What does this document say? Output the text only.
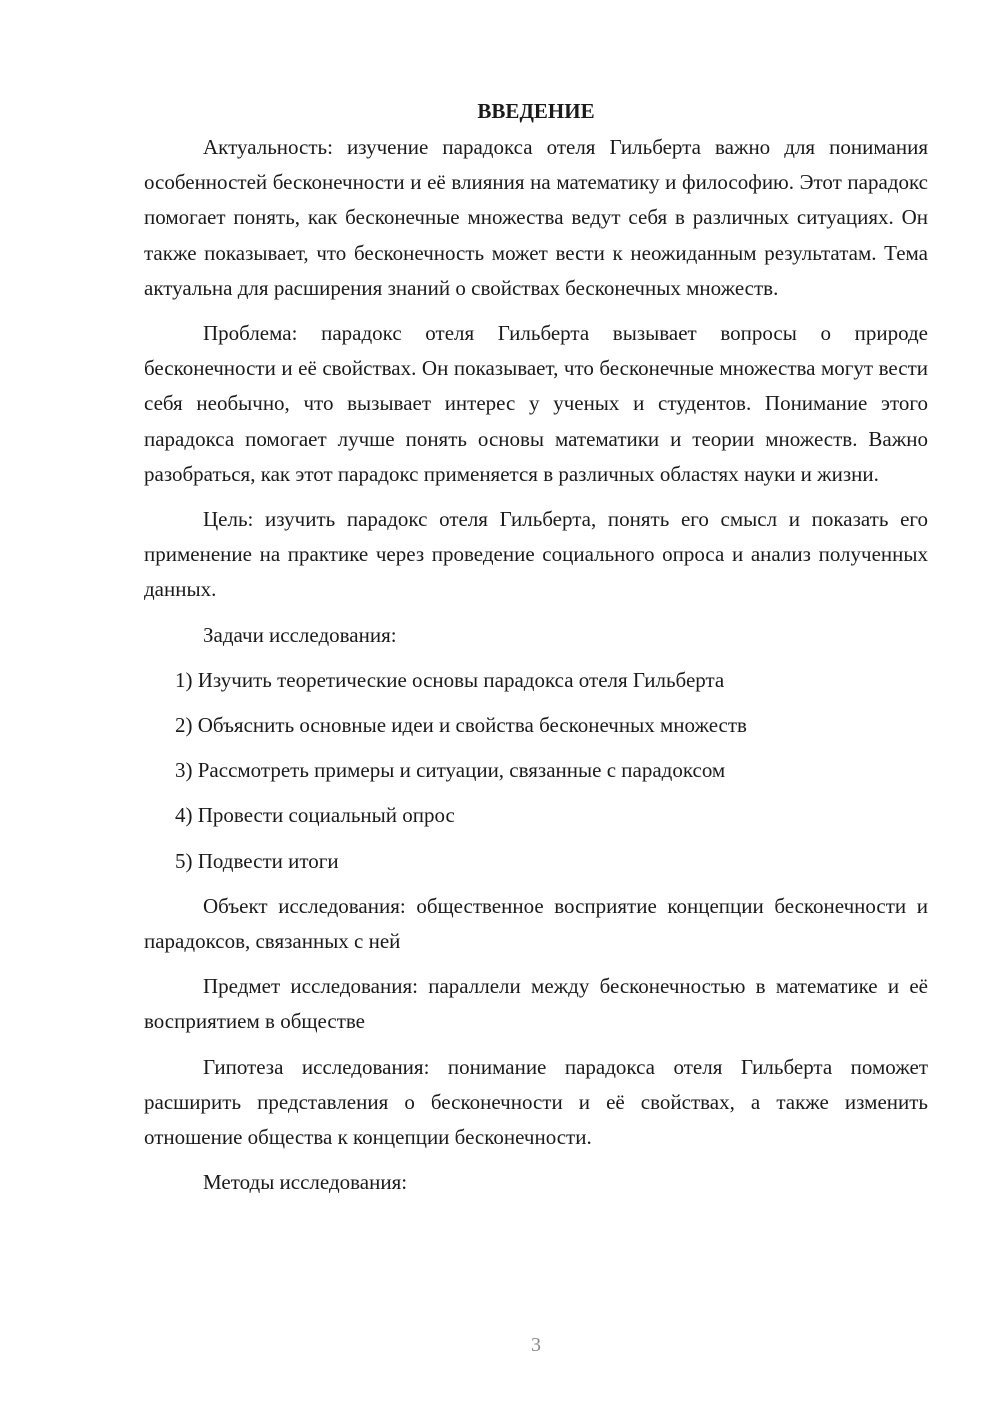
ВВЕДЕНИЕ

Актуальность: изучение парадокса отеля Гильберта важно для понимания особенностей бесконечности и её влияния на математику и философию. Этот парадокс помогает понять, как бесконечные множества ведут себя в различных ситуациях. Он также показывает, что бесконечность может вести к неожиданным результатам. Тема актуальна для расширения знаний о свойствах бесконечных множеств.

Проблема: парадокс отеля Гильберта вызывает вопросы о природе бесконечности и её свойствах. Он показывает, что бесконечные множества могут вести себя необычно, что вызывает интерес у ученых и студентов. Понимание этого парадокса помогает лучше понять основы математики и теории множеств. Важно разобраться, как этот парадокс применяется в различных областях науки и жизни.

Цель: изучить парадокс отеля Гильберта, понять его смысл и показать его применение на практике через проведение социального опроса и анализ полученных данных.

Задачи исследования:

1) Изучить теоретические основы парадокса отеля Гильберта

2) Объяснить основные идеи и свойства бесконечных множеств

3) Рассмотреть примеры и ситуации, связанные с парадоксом

4) Провести социальный опрос

5) Подвести итоги

Объект исследования: общественное восприятие концепции бесконечности и парадоксов, связанных с ней

Предмет исследования: параллели между бесконечностью в математике и её восприятием в обществе

Гипотеза исследования: понимание парадокса отеля Гильберта поможет расширить представления о бесконечности и её свойствах, а также изменить отношение общества к концепции бесконечности.

Методы исследования:

3
